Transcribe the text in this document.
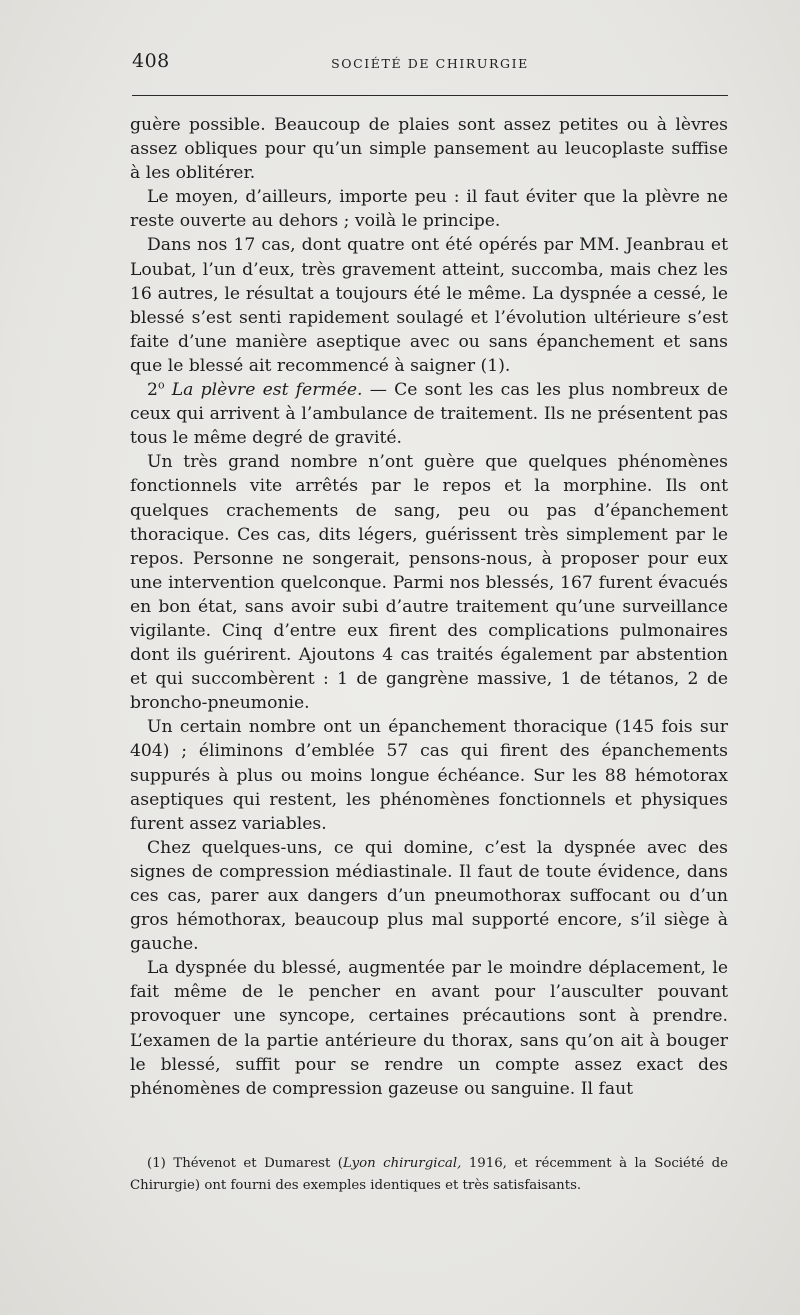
408	SOCIÉTÉ DE CHIRURGIE

guère possible. Beaucoup de plaies sont assez petites ou à lèvres assez obliques pour qu’un simple pansement au leucoplaste suffise à les oblitérer.

Le moyen, d’ailleurs, importe peu : il faut éviter que la plèvre ne reste ouverte au dehors ; voilà le principe.

Dans nos 17 cas, dont quatre ont été opérés par MM. Jeanbrau et Loubat, l’un d’eux, très gravement atteint, succomba, mais chez les 16 autres, le résultat a toujours été le même. La dyspnée a cessé, le blessé s’est senti rapidement soulagé et l’évolution ultérieure s’est faite d’une manière aseptique avec ou sans épanchement et sans que le blessé ait recommencé à saigner (1).

2$^o$ La plèvre est fermée. — Ce sont les cas les plus nombreux de ceux qui arrivent à l’ambulance de traitement. Ils ne présentent pas tous le même degré de gravité.

Un très grand nombre n’ont guère que quelques phénomènes fonctionnels vite arrêtés par le repos et la morphine. Ils ont quelques crachements de sang, peu ou pas d’épanchement thoracique. Ces cas, dits légers, guérissent très simplement par le repos. Personne ne songerait, pensons-nous, à proposer pour eux une intervention quelconque. Parmi nos blessés, 167 furent évacués en bon état, sans avoir subi d’autre traitement qu’une surveillance vigilante. Cinq d’entre eux firent des complications pulmonaires dont ils guérirent. Ajoutons 4 cas traités également par abstention et qui succombèrent : 1 de gangrène massive, 1 de tétanos, 2 de broncho-pneumonie.

Un certain nombre ont un épanchement thoracique (145 fois sur 404) ; éliminons d’emblée 57 cas qui firent des épanchements suppurés à plus ou moins longue échéance. Sur les 88 hémotorax aseptiques qui restent, les phénomènes fonctionnels et physiques furent assez variables.

Chez quelques-uns, ce qui domine, c’est la dyspnée avec des signes de compression médiastinale. Il faut de toute évidence, dans ces cas, parer aux dangers d’un pneumothorax suffocant ou d’un gros hémothorax, beaucoup plus mal supporté encore, s’il siège à gauche.

La dyspnée du blessé, augmentée par le moindre déplacement, le fait même de le pencher en avant pour l’ausculter pouvant provoquer une syncope, certaines précautions sont à prendre. L’examen de la partie antérieure du thorax, sans qu’on ait à bouger le blessé, suffit pour se rendre un compte assez exact des phénomènes de compression gazeuse ou sanguine. Il faut

(1) Thévenot et Dumarest (Lyon chirurgical, 1916, et récemment à la Société de Chirurgie) ont fourni des exemples identiques et très satisfaisants.
